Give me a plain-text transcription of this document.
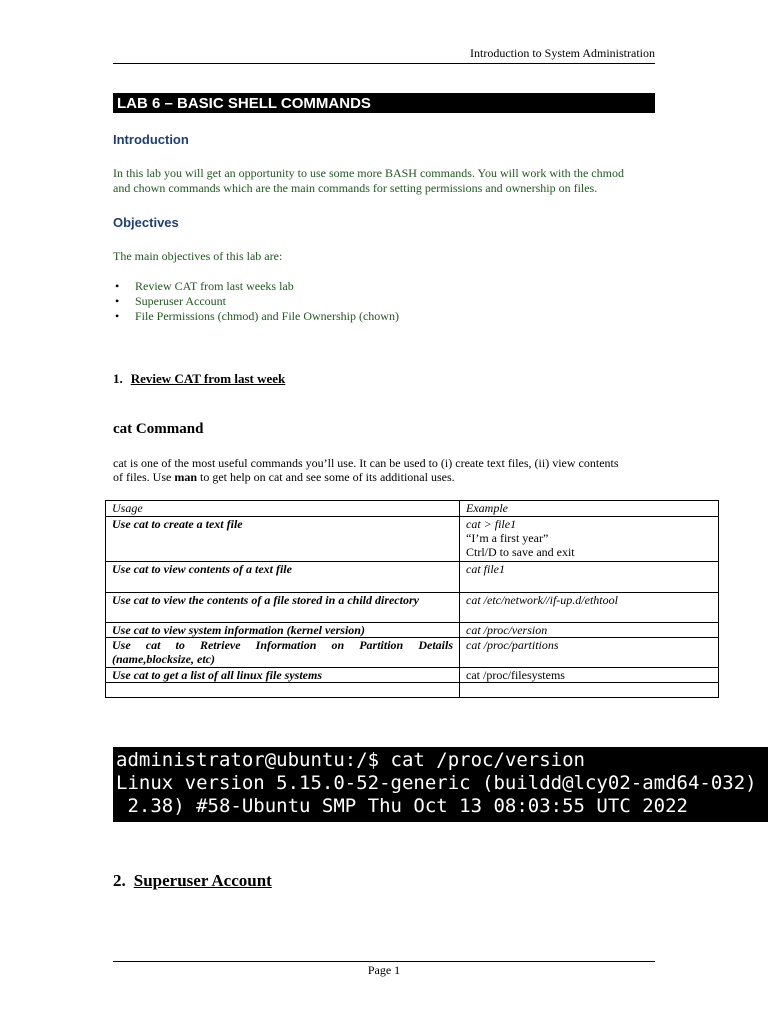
Introduction to System Administration
LAB 6 – BASIC SHELL COMMANDS
Introduction
In this lab you will get an opportunity to use some more BASH commands. You will work with the chmod
and chown commands which are the main commands for setting permissions and ownership on files.
Objectives
The main objectives of this lab are:
• Review CAT from last weeks lab
• Superuser Account
• File Permissions (chmod) and File Ownership (chown)
1. Review CAT from last week
cat Command
cat is one of the most useful commands you’ll use. It can be used to (i) create text files, (ii) view contents
of files. Use man to get help on cat and see some of its additional uses.
Usage	Example
Use cat to create a text file	cat > file1
“I’m a first year”
Ctrl/D to save and exit

Use cat to view contents of a text file	cat file1
Use cat to view the contents of a file stored in a child directory	cat /etc/network//if-up.d/ethtool
Use cat to view system information (kernel version)	cat /proc/version

Use cat to Retrieve Information on Partition Details
(name,blocksize, etc)	cat /proc/partitions
Use cat to get a list of all linux file systems	cat /proc/filesystems

administrator@ubuntu:/$ cat /proc/version
Linux version 5.15.0-52-generic (buildd@lcy02-amd64-032)
2.38) #58-Ubuntu SMP Thu Oct 13 08:03:55 UTC 2022
2. Superuser Account
Page 1
